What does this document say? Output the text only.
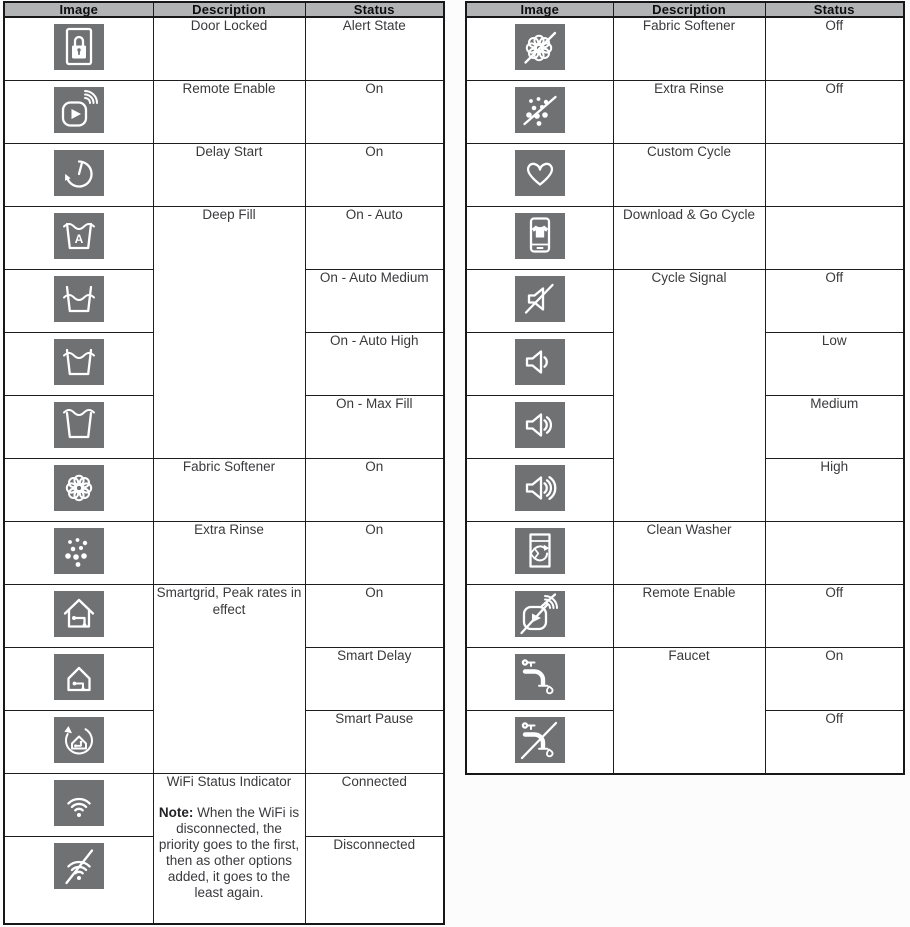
Image	Description	Status

Door Locked	Alert State

Remote Enable	On

Delay Start	On

A	Deep Fill	On - Auto

On - Auto Medium

On - Auto High

On - Max Fill

Fabric Softener	On

Extra Rinse	On

Smartgrid, Peak rates in effect	On

Smart Delay

Smart Pause

WiFi Status Indicator
Note: When the WiFi is disconnected, the priority goes to the first, then as other options added, it goes to the least again.	Connected

Disconnected
Image	Description	Status

Fabric Softener	Off

Extra Rinse	Off

Custom Cycle	

Download & Go Cycle	

Cycle Signal	Off

Low

Medium

High

Clean Washer	

Remote Enable	Off

Faucet	On

Off
